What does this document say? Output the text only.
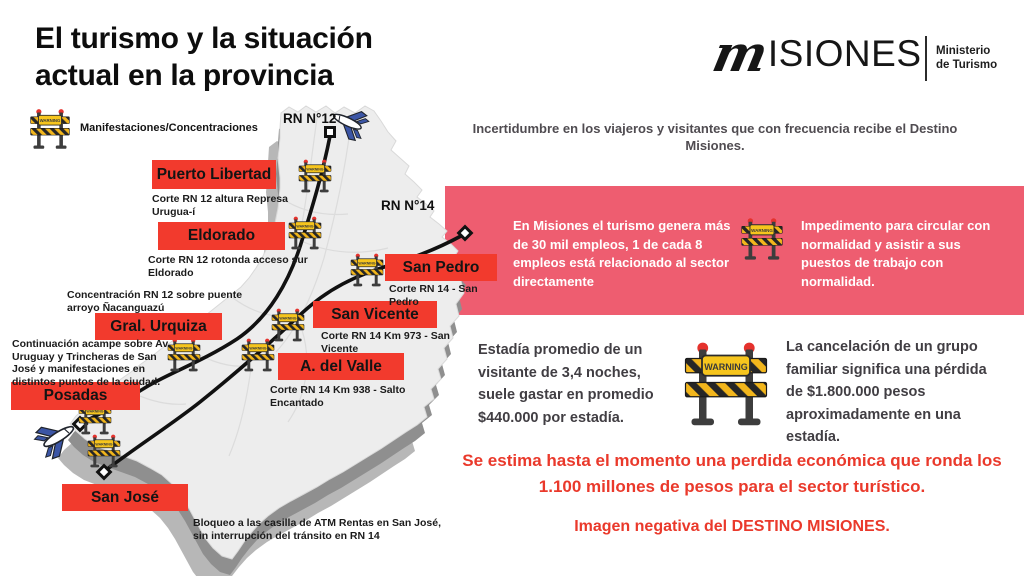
El turismo y la situación
actual en la provincia	m
ISIONES Ministerio
de Turismo
Manifestaciones/Concentraciones
RN N°12
RN N°14
Puerto Libertad
Eldorado
San Pedro
San Vicente
Gral. Urquiza
A. del Valle
Posadas
San José
Corte RN 12 altura Represa Urugua-í
Corte RN 12 rotonda acceso sur Eldorado
Corte RN 14 - San Pedro
Corte RN 14 Km 973 - San Vicente
Concentración RN 12 sobre puente arroyo Ñacanguazú
Corte RN 14 Km 938 - Salto Encantado
Continuación acampe sobre Av. Uruguay y Trincheras de San José y manifestaciones en distintos puntos de la ciudad.
Bloqueo a las casilla de ATM Rentas en San José, sin interrupción del tránsito en RN 14
Incertidumbre en los viajeros y visitantes que con frecuencia recibe el Destino Misiones.
En Misiones el turismo genera más de 30 mil empleos, 1 de cada 8 empleos está relacionado al sector directamente
Impedimento para circular con normalidad y asistir a sus puestos de trabajo con normalidad.
Estadía promedio de un visitante de 3,4 noches, suele gastar en promedio $440.000 por estadía.
La cancelación de un grupo familiar significa una pérdida de $1.800.000 pesos aproximadamente en una estadía.
Se estima hasta el momento una perdida económica que ronda los 1.100 millones de pesos para el sector turístico.
Imagen negativa del DESTINO MISIONES.
